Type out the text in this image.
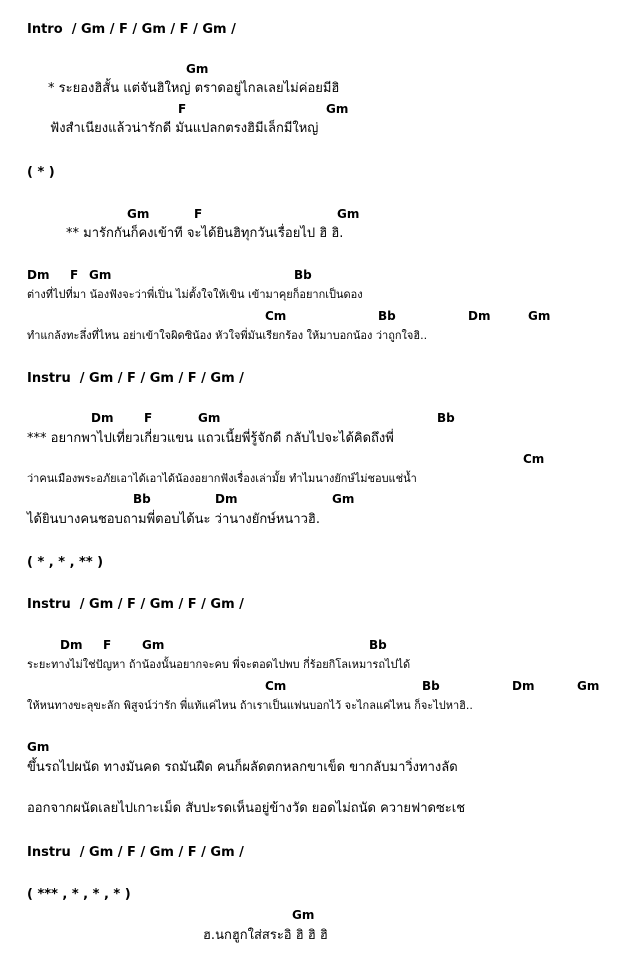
Intro  / Gm / F / Gm / F / Gm /
Gm
* ระยองฮิสั้น แต่จันฮิใหญ่ ตราดอยู่ไกลเลยไม่ค่อยมีฮิ
F	Gm
ฟังสำเนียงแล้วน่ารักดี มันแปลกตรงฮิมีเล็กมีใหญ่
( * )
Gm	F	Gm
** มารักกันก็คงเข้าที จะได้ยินฮิทุกวันเรื่อยไป ฮิ ฮิ.
Dm F Gm	Bb
ต่างที่ไปที่มา น้องฟังจะว่าพี่เปิ่น ไม่ตั้งใจให้เขิน เข้ามาคุยก็อยากเป็นดอง
Cm	Bb	Dm	Gm
ทำแกล้งทะลึ่งที่ไหน อย่าเข้าใจผิดซิน้อง หัวใจพี่มันเรียกร้อง ให้มาบอกน้อง ว่าถูกใจฮิ..
Instru  / Gm / F / Gm / F / Gm /
Dm	F	Gm	Bb
*** อยากพาไปเที่ยวเกี่ยวแขน แถวเนี้ยพี่รู้จักดี กลับไปจะได้คิดถึงพี่
Cm
ว่าคนเมืองพระอภัยเอาได้เอาได้น้องอยากฟังเรื่องเล่ามั้ย ทำไมนางยักษ์ไม่ชอบแช่น้ำ
Bb	Dm	Gm
ได้ยินบางคนชอบถามพี่ตอบได้นะ ว่านางยักษ์หนาวฮิ.
( * , * , ** )
Instru  / Gm / F / Gm / F / Gm /
Dm F	Gm	Bb
ระยะทางไม่ใช่ปัญหา ถ้าน้องนั้นอยากจะคบ พี่จะตอดไปพบ กี่ร้อยกิโลเหมารถไปได้
Cm	Bb	Dm	Gm
ให้หนทางขะลุขะลัก พิสูจน์ว่ารัก พี่แท้แค่ไหน ถ้าเราเป็นแฟนบอกไว้ จะไกลแค่ไหน ก็จะไปหาฮิ..
Gm
ขึ้นรถไปผนัด ทางมันคด รถมันฝืด คนก็ผลัดตกหลกขาเข็ด ขากลับมาวิ่งทางลัด
ออกจากผนัดเลยไปเกาะเม็ด สับปะรดเห็นอยู่ข้างวัด ยอดไม่ถนัด ควายฟาดซะเช
Instru  / Gm / F / Gm / F / Gm /
( *** , * , * , * )
Gm
ฮ.นกฮูกใส่สระอิ ฮิ ฮิ ฮิ
